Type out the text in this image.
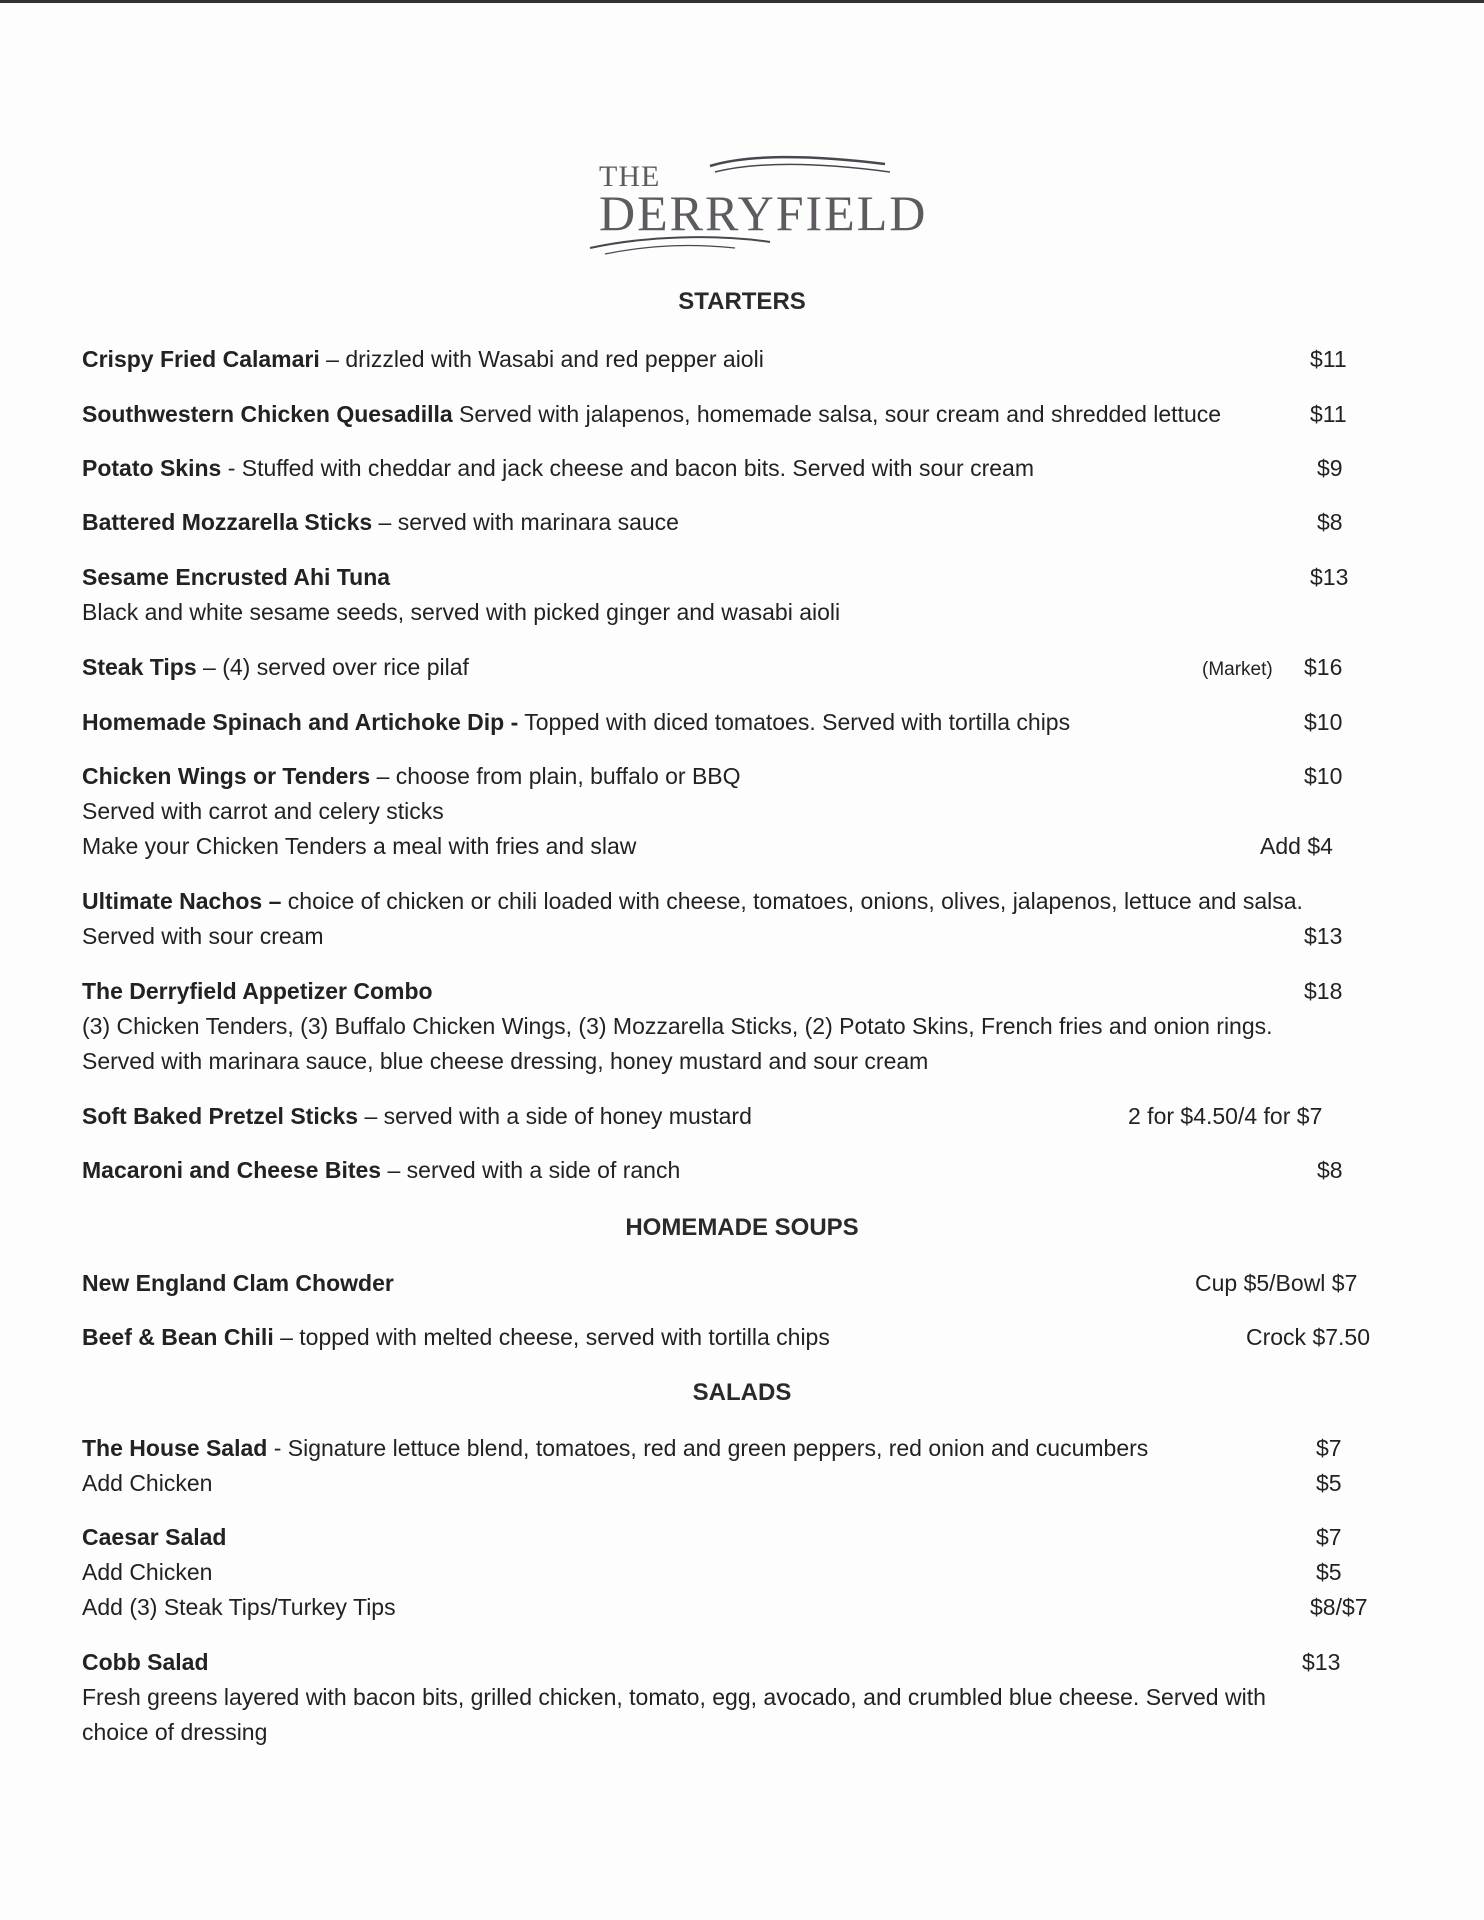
THE
DERRYFIELD
STARTERS
Crispy Fried Calamari – drizzled with Wasabi and red pepper aioli	$11
Southwestern Chicken Quesadilla Served with jalapenos, homemade salsa, sour cream and shredded lettuce	$11
Potato Skins - Stuffed with cheddar and jack cheese and bacon bits. Served with sour cream	$9
Battered Mozzarella Sticks – served with marinara sauce	$8
Sesame Encrusted Ahi Tuna	$13
Black and white sesame seeds, served with picked ginger and wasabi aioli
Steak Tips – (4) served over rice pilaf	(Market) $16
Homemade Spinach and Artichoke Dip - Topped with diced tomatoes. Served with tortilla chips	$10
Chicken Wings or Tenders – choose from plain, buffalo or BBQ	$10
Served with carrot and celery sticks
Make your Chicken Tenders a meal with fries and slaw	Add $4
Ultimate Nachos – choice of chicken or chili loaded with cheese, tomatoes, onions, olives, jalapenos, lettuce and salsa.
Served with sour cream	$13
The Derryfield Appetizer Combo	$18
(3) Chicken Tenders, (3) Buffalo Chicken Wings, (3) Mozzarella Sticks, (2) Potato Skins, French fries and onion rings.
Served with marinara sauce, blue cheese dressing, honey mustard and sour cream
Soft Baked Pretzel Sticks – served with a side of honey mustard	2 for $4.50/4 for $7
Macaroni and Cheese Bites – served with a side of ranch	$8
HOMEMADE SOUPS
New England Clam Chowder	Cup $5/Bowl $7
Beef & Bean Chili – topped with melted cheese, served with tortilla chips	Crock $7.50
SALADS
The House Salad - Signature lettuce blend, tomatoes, red and green peppers, red onion and cucumbers	$7
Add Chicken	$5
Caesar Salad	$7
Add Chicken	$5
Add (3) Steak Tips/Turkey Tips	$8/$7
Cobb Salad	$13
Fresh greens layered with bacon bits, grilled chicken, tomato, egg, avocado, and crumbled blue cheese. Served with
choice of dressing
